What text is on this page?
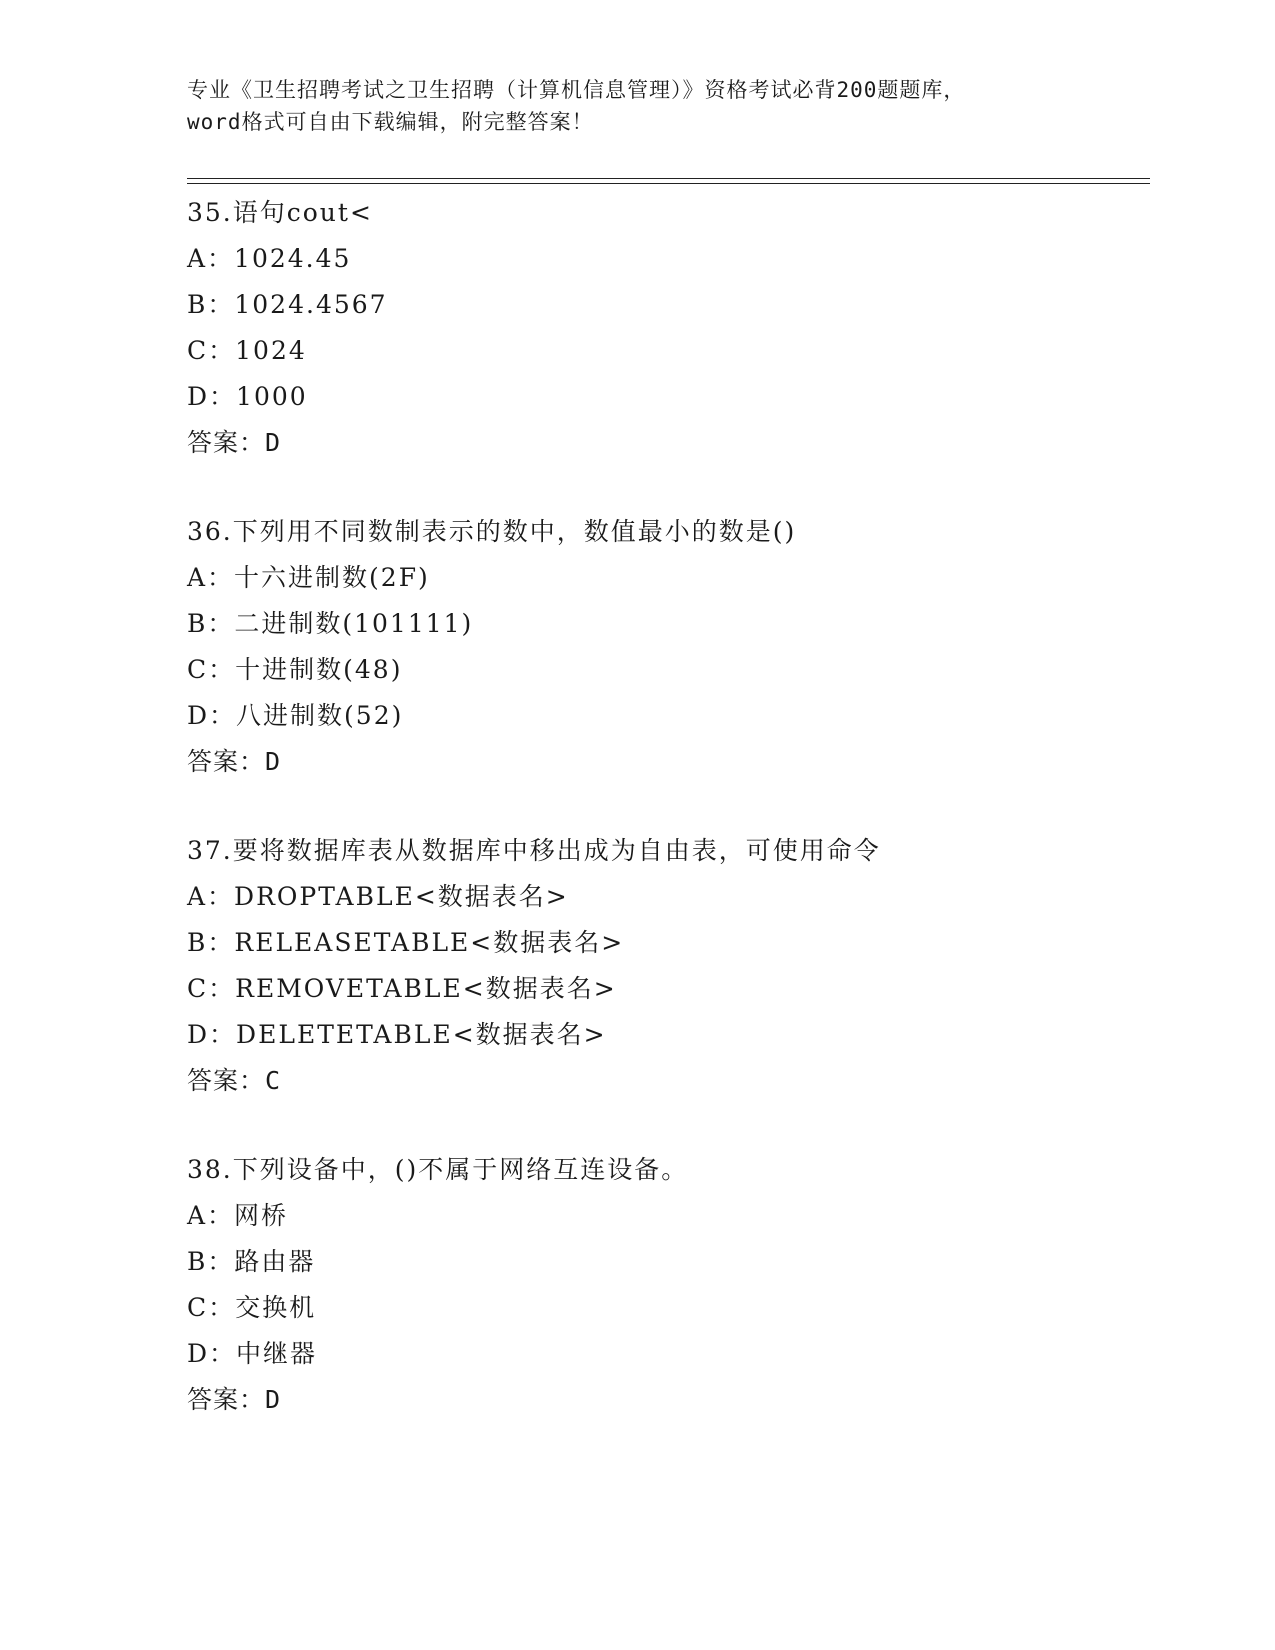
专业《卫生招聘考试之卫生招聘（计算机信息管理）》资格考试必背200题题库，
word格式可自由下载编辑，附完整答案！
35.语句cout<
A：1024.45
B：1024.4567
C：1024
D：1000
答案：D
36.下列用不同数制表示的数中，数值最小的数是()
A：十六进制数(2F)
B：二进制数(101111)
C：十进制数(48)
D：八进制数(52)
答案：D
37.要将数据库表从数据库中移出成为自由表，可使用命令
A：DROPTABLE<数据表名>
B：RELEASETABLE<数据表名>
C：REMOVETABLE<数据表名>
D：DELETETABLE<数据表名>
答案：C
38.下列设备中，()不属于网络互连设备。
A：网桥
B：路由器
C：交换机
D：中继器
答案：D
